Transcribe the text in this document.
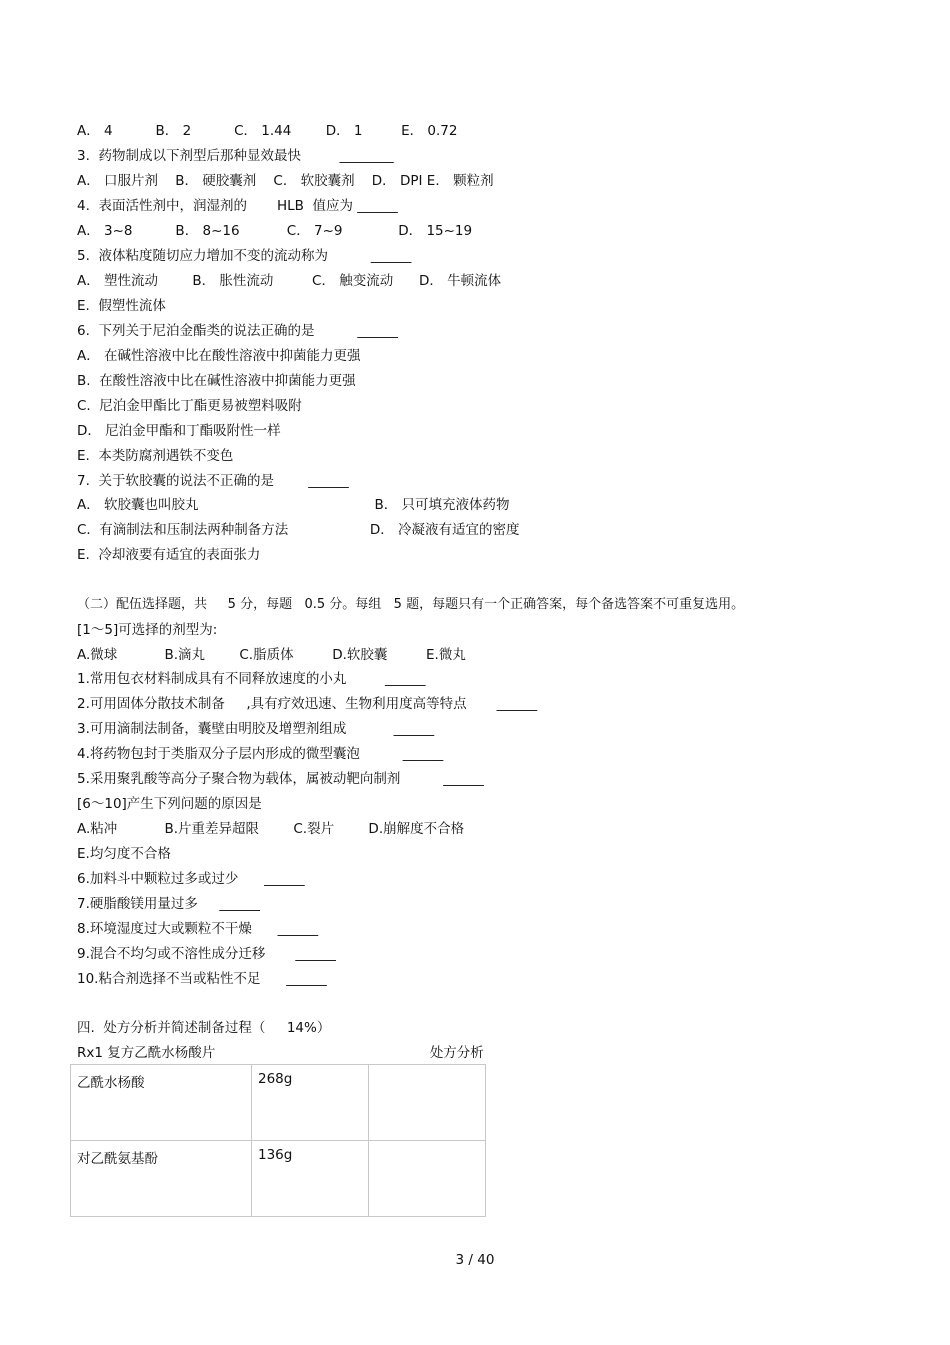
A． 4          B． 2          C． 1.44        D． 1         E． 0.72
3.  药物制成以下剂型后那种显效最快         ________
A． 口服片剂    B． 硬胶囊剂    C． 软胶囊剂    D． DPI E． 颗粒剂
4.  表面活性剂中，润湿剂的       HLB  值应为 ______
A． 3~8          B． 8~16           C． 7~9             D． 15~19
5.  液体粘度随切应力增加不变的流动称为          ______
A． 塑性流动        B． 胀性流动         C． 触变流动      D． 牛顿流体
E.  假塑性流体
6.  下列关于尼泊金酯类的说法正确的是          ______
A． 在碱性溶液中比在酸性溶液中抑菌能力更强
B.  在酸性溶液中比在碱性溶液中抑菌能力更强
C.  尼泊金甲酯比丁酯更易被塑料吸附
D． 尼泊金甲酯和丁酯吸附性一样
E.  本类防腐剂遇铁不变色
7.  关于软胶囊的说法不正确的是        ______
A． 软胶囊也叫胶丸                                         B． 只可填充液体药物
C.  有滴制法和压制法两种制备方法                   D． 冷凝液有适宜的密度
E.  冷却液要有适宜的表面张力
（二）配伍选择题，共     5 分，每题   0.5 分。每组   5 题，每题只有一个正确答案，每个备选答案不可重复选用。
[1～5]可选择的剂型为:
A.微球           B.滴丸        C.脂质体         D.软胶囊         E.微丸
1.常用包衣材料制成具有不同释放速度的小丸         ______
2.可用固体分散技术制备     ,具有疗效迅速、生物利用度高等特点       ______
3.可用滴制法制备，囊壁由明胶及增塑剂组成           ______
4.将药物包封于类脂双分子层内形成的微型囊泡          ______
5.采用聚乳酸等高分子聚合物为载体，属被动靶向制剂          ______
[6～10]产生下列问题的原因是
A.粘冲           B.片重差异超限        C.裂片        D.崩解度不合格
E.均匀度不合格
6.加料斗中颗粒过多或过少      ______
7.硬脂酸镁用量过多     ______
8.环境湿度过大或颗粒不干燥      ______
9.混合不均匀或不溶性成分迁移       ______
10.粘合剂选择不当或粘性不足      ______
四.  处方分析并简述制备过程（     14%）
Rx1 复方乙酰水杨酸片                                                  处方分析
乙酰水杨酸	268g	
对乙酰氨基酚	136g	
3 / 40
